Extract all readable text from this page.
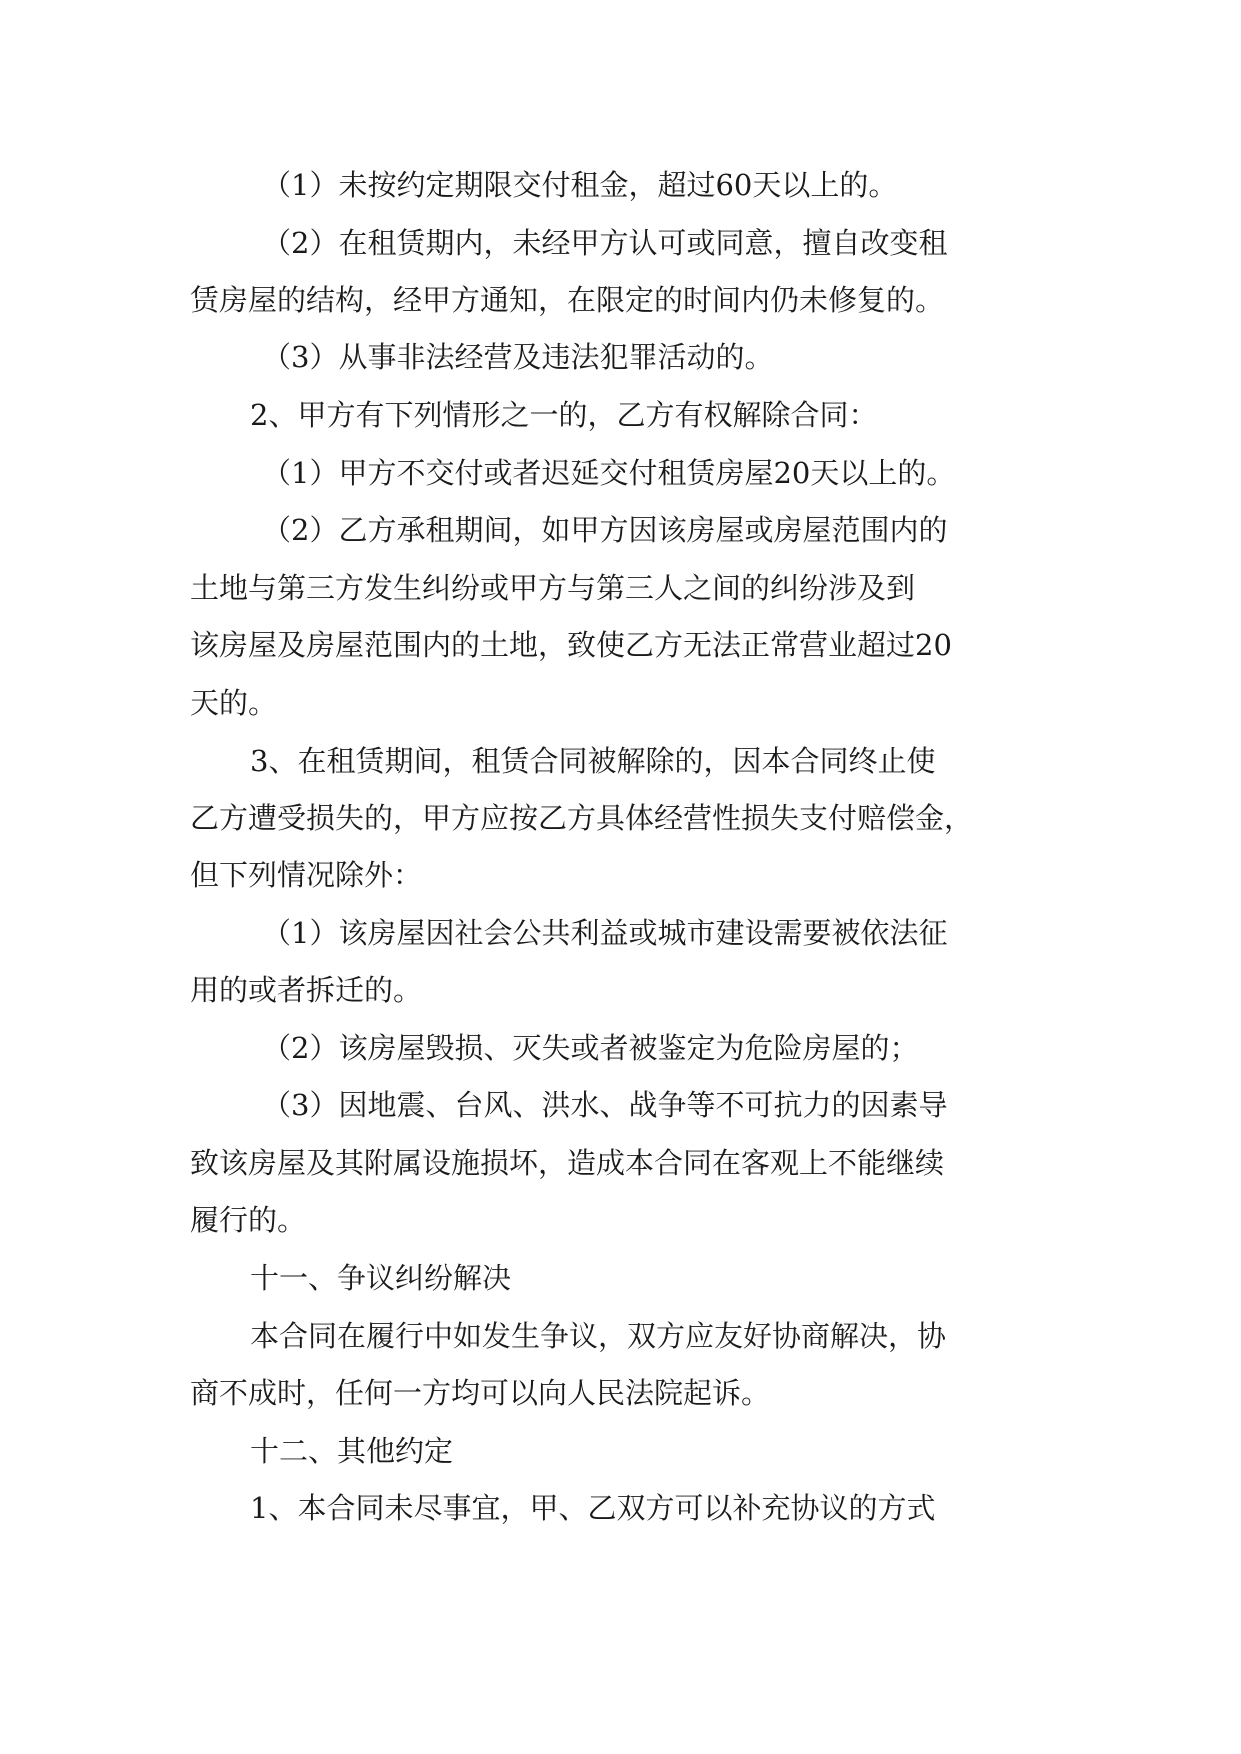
（1）未按约定期限交付租金，超过60天以上的。
（2）在租赁期内，未经甲方认可或同意，擅自改变租
赁房屋的结构，经甲方通知，在限定的时间内仍未修复的。
（3）从事非法经营及违法犯罪活动的。
2、甲方有下列情形之一的，乙方有权解除合同：
（1）甲方不交付或者迟延交付租赁房屋20天以上的。
（2）乙方承租期间，如甲方因该房屋或房屋范围内的
土地与第三方发生纠纷或甲方与第三人之间的纠纷涉及到
该房屋及房屋范围内的土地，致使乙方无法正常营业超过20
天的。
3、在租赁期间，租赁合同被解除的，因本合同终止使
乙方遭受损失的，甲方应按乙方具体经营性损失支付赔偿金，
但下列情况除外：
（1）该房屋因社会公共利益或城市建设需要被依法征
用的或者拆迁的。
（2）该房屋毁损、灭失或者被鉴定为危险房屋的；
（3）因地震、台风、洪水、战争等不可抗力的因素导
致该房屋及其附属设施损坏，造成本合同在客观上不能继续
履行的。
十一、争议纠纷解决
本合同在履行中如发生争议，双方应友好协商解决，协
商不成时，任何一方均可以向人民法院起诉。
十二、其他约定
1、本合同未尽事宜，甲、乙双方可以补充协议的方式
